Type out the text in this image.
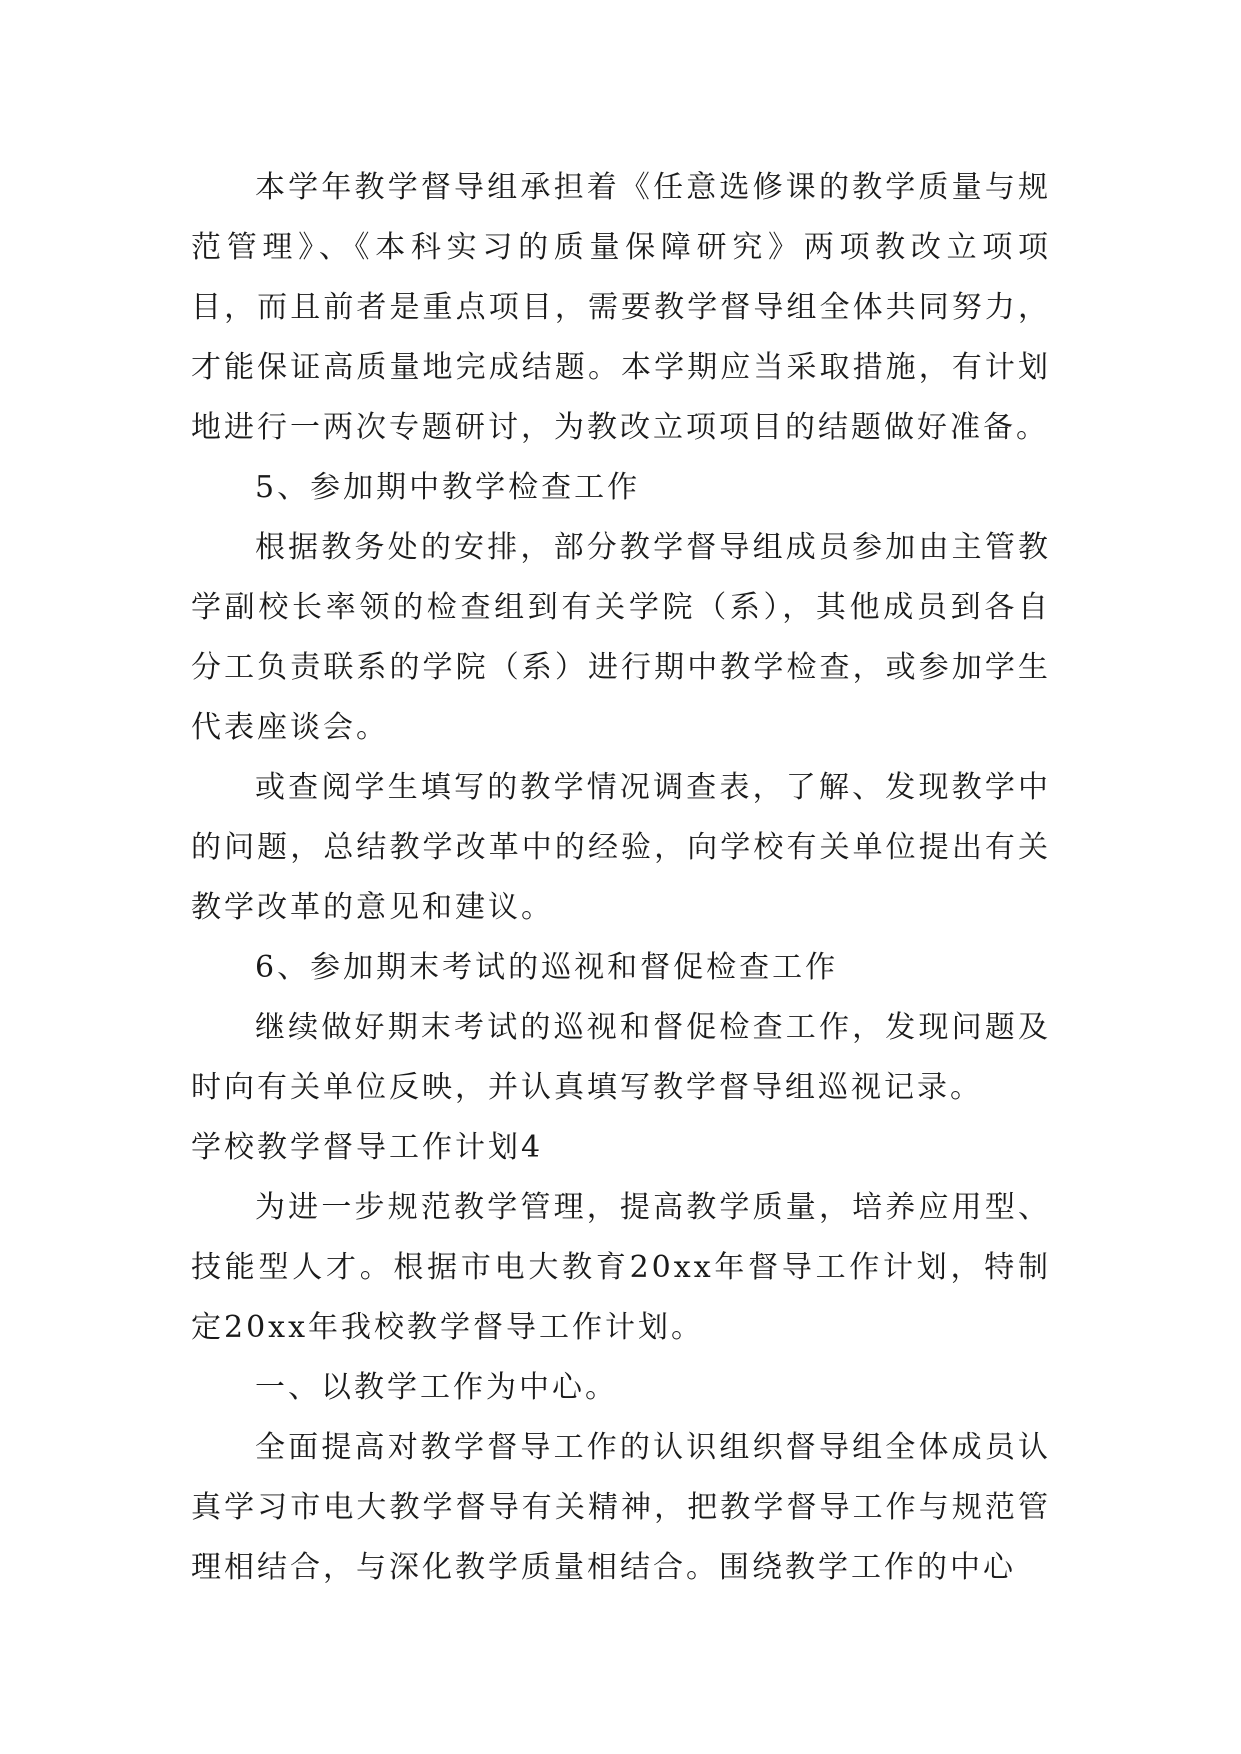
本学年教学督导组承担着《任意选修课的教学质量与规范管理》、《本科实习的质量保障研究》两项教改立项项目，而且前者是重点项目，需要教学督导组全体共同努力，才能保证高质量地完成结题。本学期应当采取措施，有计划地进行一两次专题研讨，为教改立项项目的结题做好准备。

5、参加期中教学检查工作

根据教务处的安排，部分教学督导组成员参加由主管教学副校长率领的检查组到有关学院（系），其他成员到各自分工负责联系的学院（系）进行期中教学检查，或参加学生代表座谈会。

或查阅学生填写的教学情况调查表，了解、发现教学中的问题，总结教学改革中的经验，向学校有关单位提出有关教学改革的意见和建议。

6、参加期末考试的巡视和督促检查工作

继续做好期末考试的巡视和督促检查工作，发现问题及时向有关单位反映，并认真填写教学督导组巡视记录。

学校教学督导工作计划4

为进一步规范教学管理，提高教学质量，培养应用型、技能型人才。根据市电大教育20xx年督导工作计划，特制定20xx年我校教学督导工作计划。

一、以教学工作为中心。

全面提高对教学督导工作的认识组织督导组全体成员认真学习市电大教学督导有关精神，把教学督导工作与规范管理相结合，与深化教学质量相结合。围绕教学工作的中心
